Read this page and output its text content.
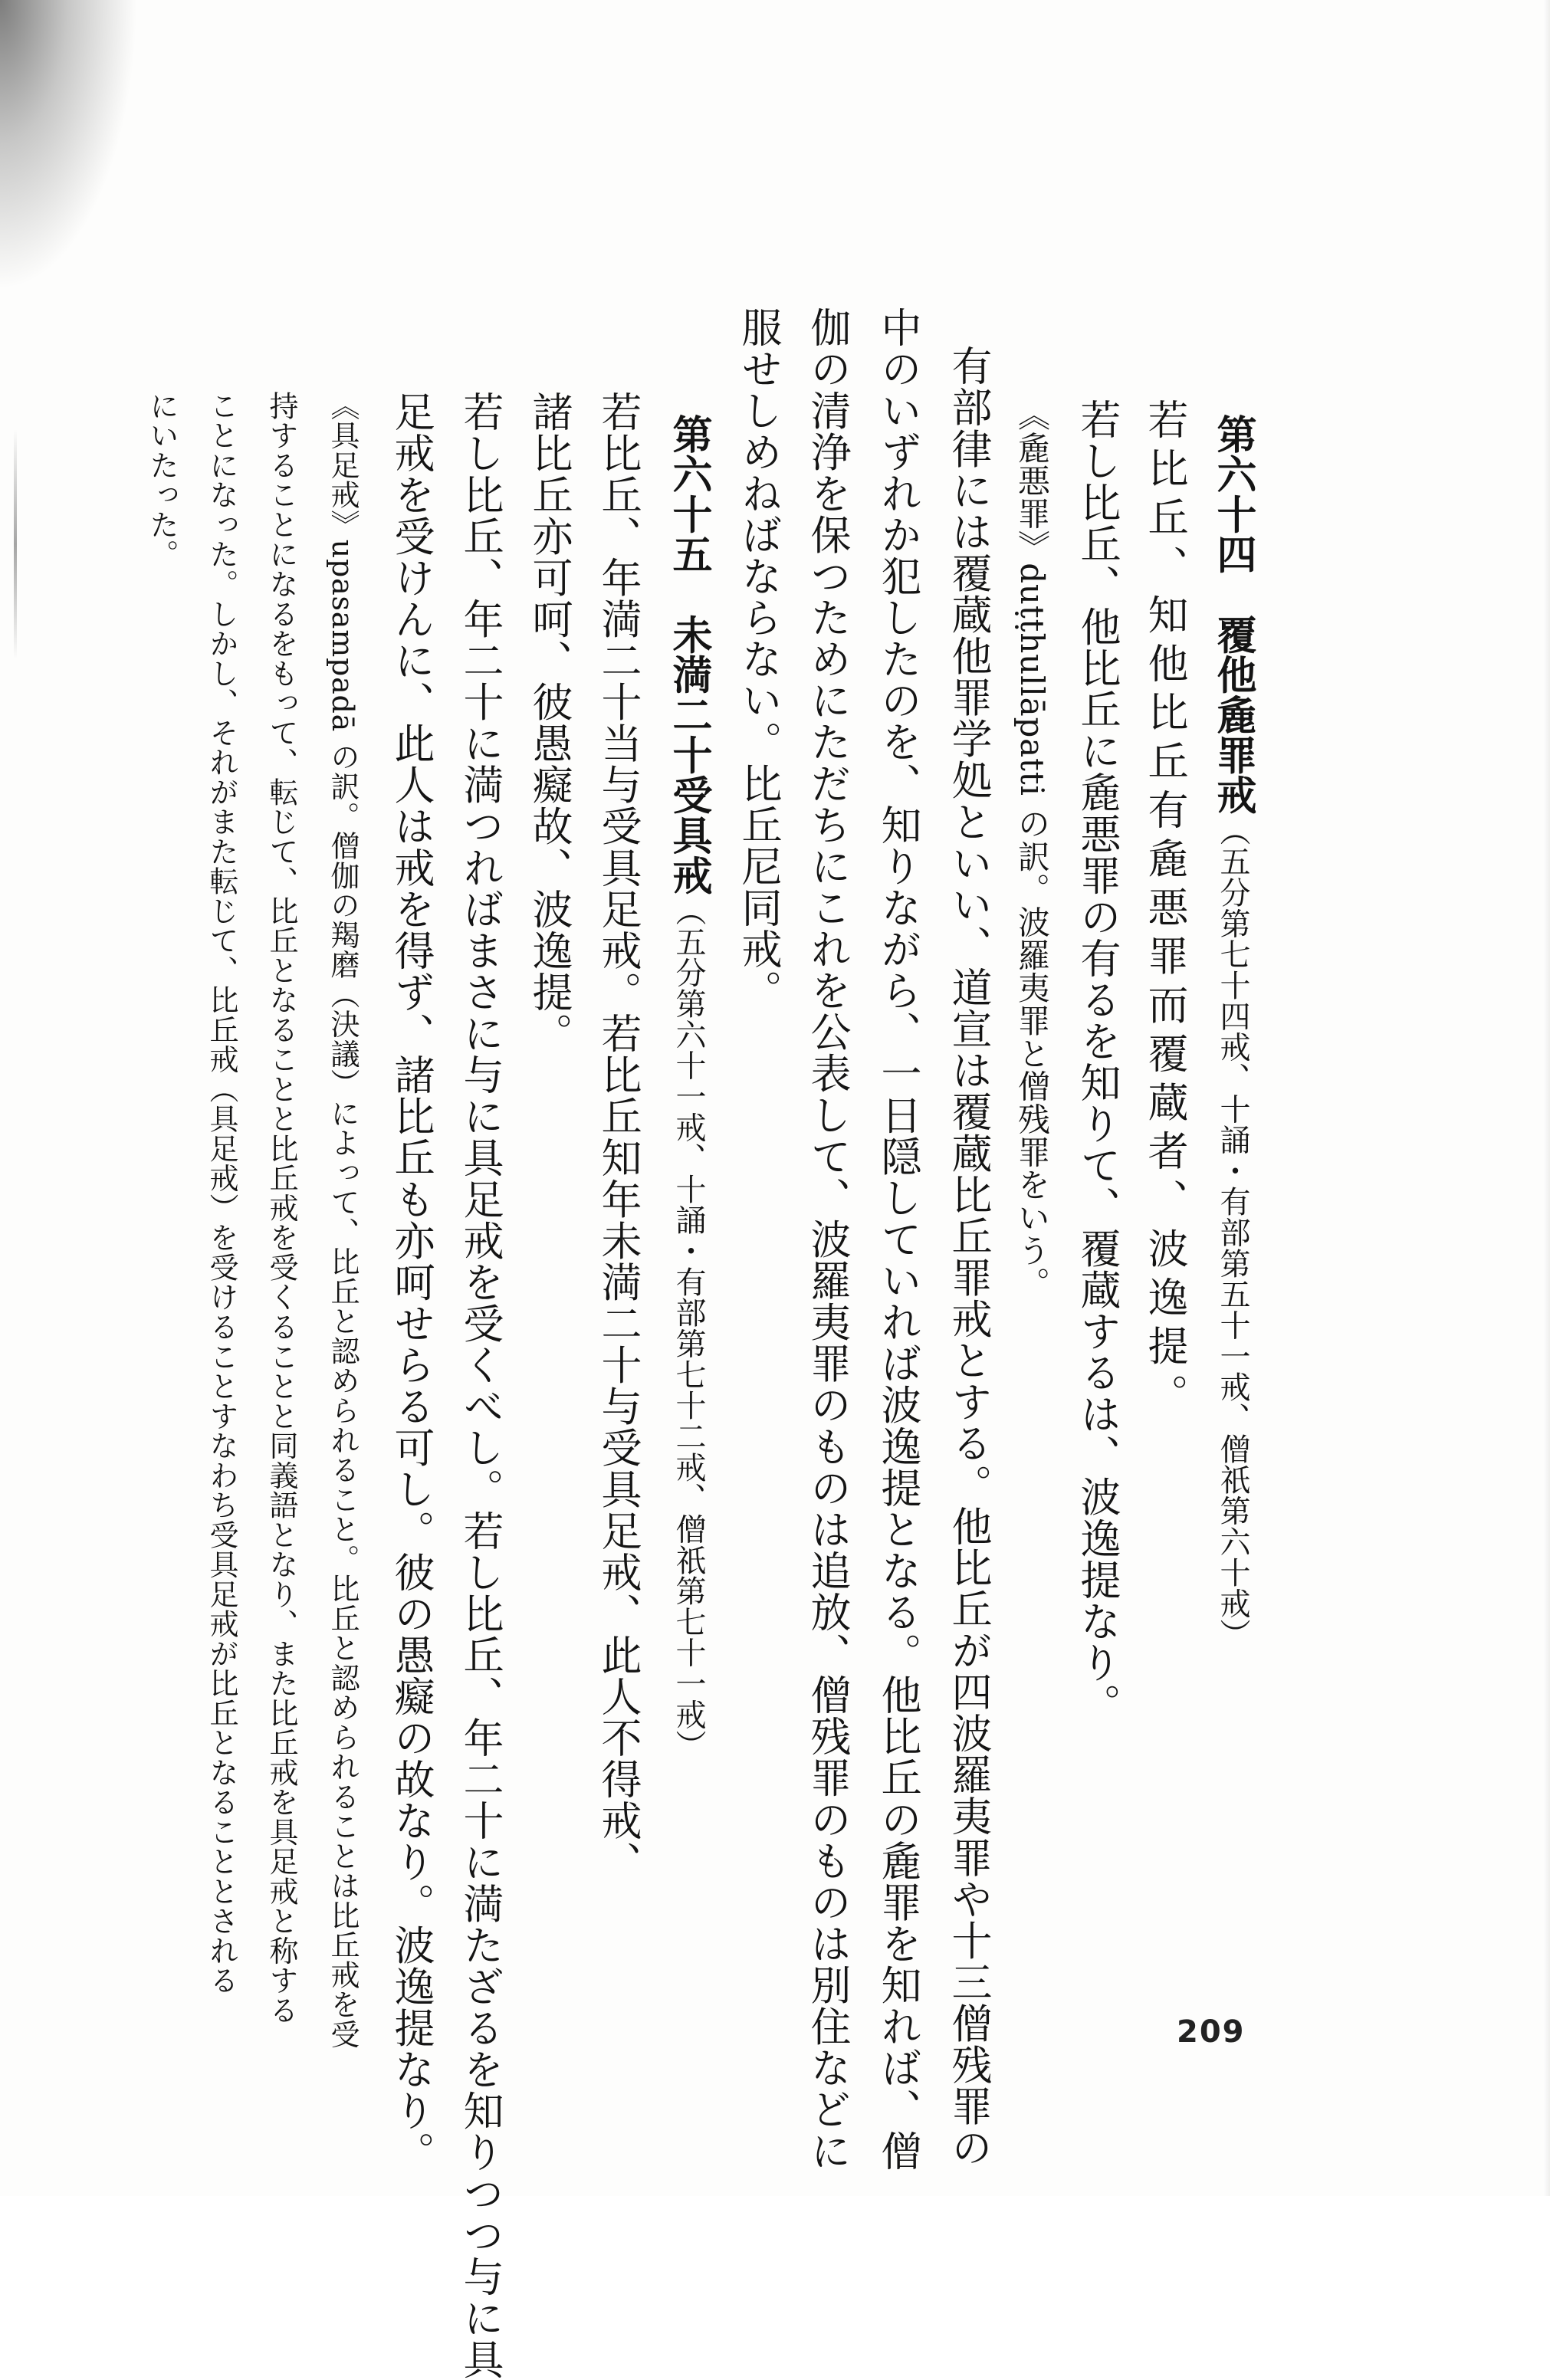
第六十四　覆他麁罪戒（五分第七十四戒、十誦・有部第五十一戒、僧祇第六十戒）
若比丘、知他比丘有麁悪罪而覆蔵者、波逸提。
若し比丘、他比丘に麁悪罪の有るを知りて、覆蔵するは、波逸提なり。
《麁悪罪》duṭṭhullāpatti の訳。波羅夷罪と僧残罪をいう。
有部律には覆蔵他罪学処といい、道宣は覆蔵比丘罪戒とする。他比丘が四波羅夷罪や十三僧残罪の
中のいずれか犯したのを、知りながら、一日隠していれば波逸提となる。他比丘の麁罪を知れば、僧
伽の清浄を保つためにただちにこれを公表して、波羅夷罪のものは追放、僧残罪のものは別住などに
服せしめねばならない。比丘尼同戒。
第六十五　未満二十受具戒（五分第六十一戒、十誦・有部第七十二戒、僧祇第七十一戒）
若比丘、年満二十当与受具足戒。若比丘知年未満二十与受具足戒、此人不得戒、
諸比丘亦可呵、彼愚癡故、波逸提。
若し比丘、年二十に満つればまさに与に具足戒を受くべし。若し比丘、年二十に満たざるを知りつつ与に具
足戒を受けんに、此人は戒を得ず、諸比丘も亦呵せらる可し。彼の愚癡の故なり。波逸提なり。
《具足戒》upasampadā の訳。僧伽の羯磨（決議）によって、比丘と認められること。比丘と認められることは比丘戒を受
持することになるをもって、転じて、比丘となることと比丘戒を受くることと同義語となり、また比丘戒を具足戒と称する
ことになった。しかし、それがまた転じて、比丘戒（具足戒）を受けることすなわち受具足戒が比丘となることとされる
にいたった。
209
